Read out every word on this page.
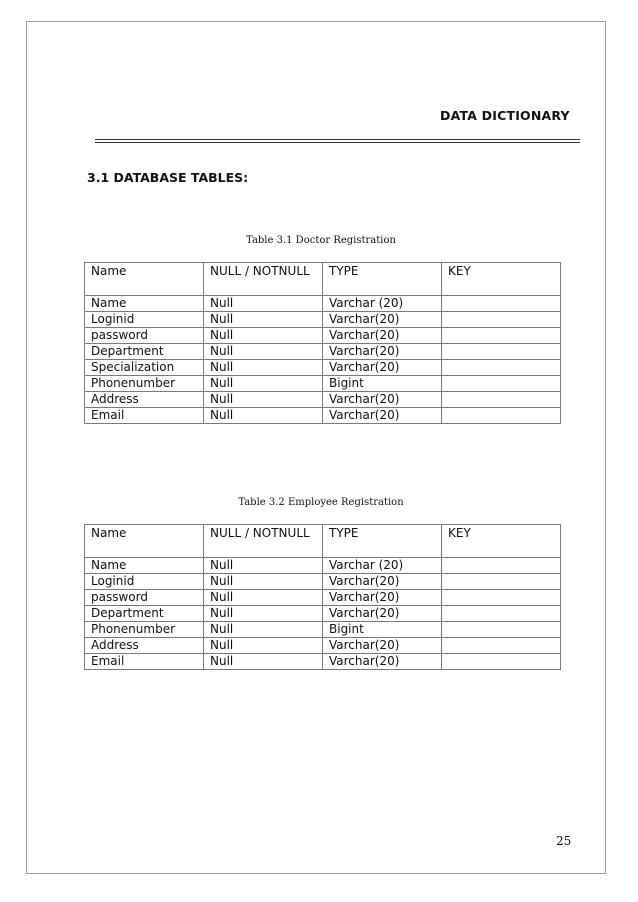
DATA DICTIONARY
3.1 DATABASE TABLES:
Table 3.1 Doctor Registration
Name	NULL / NOTNULL	TYPE	KEY
Name	Null	Varchar (20)	
Loginid	Null	Varchar(20)	
password	Null	Varchar(20)	
Department	Null	Varchar(20)	
Specialization	Null	Varchar(20)	
Phonenumber	Null	Bigint	
Address	Null	Varchar(20)	
Email	Null	Varchar(20)	
Table 3.2 Employee Registration
Name	NULL / NOTNULL	TYPE	KEY
Name	Null	Varchar (20)	
Loginid	Null	Varchar(20)	
password	Null	Varchar(20)	
Department	Null	Varchar(20)	
Phonenumber	Null	Bigint	
Address	Null	Varchar(20)	
Email	Null	Varchar(20)	
25
